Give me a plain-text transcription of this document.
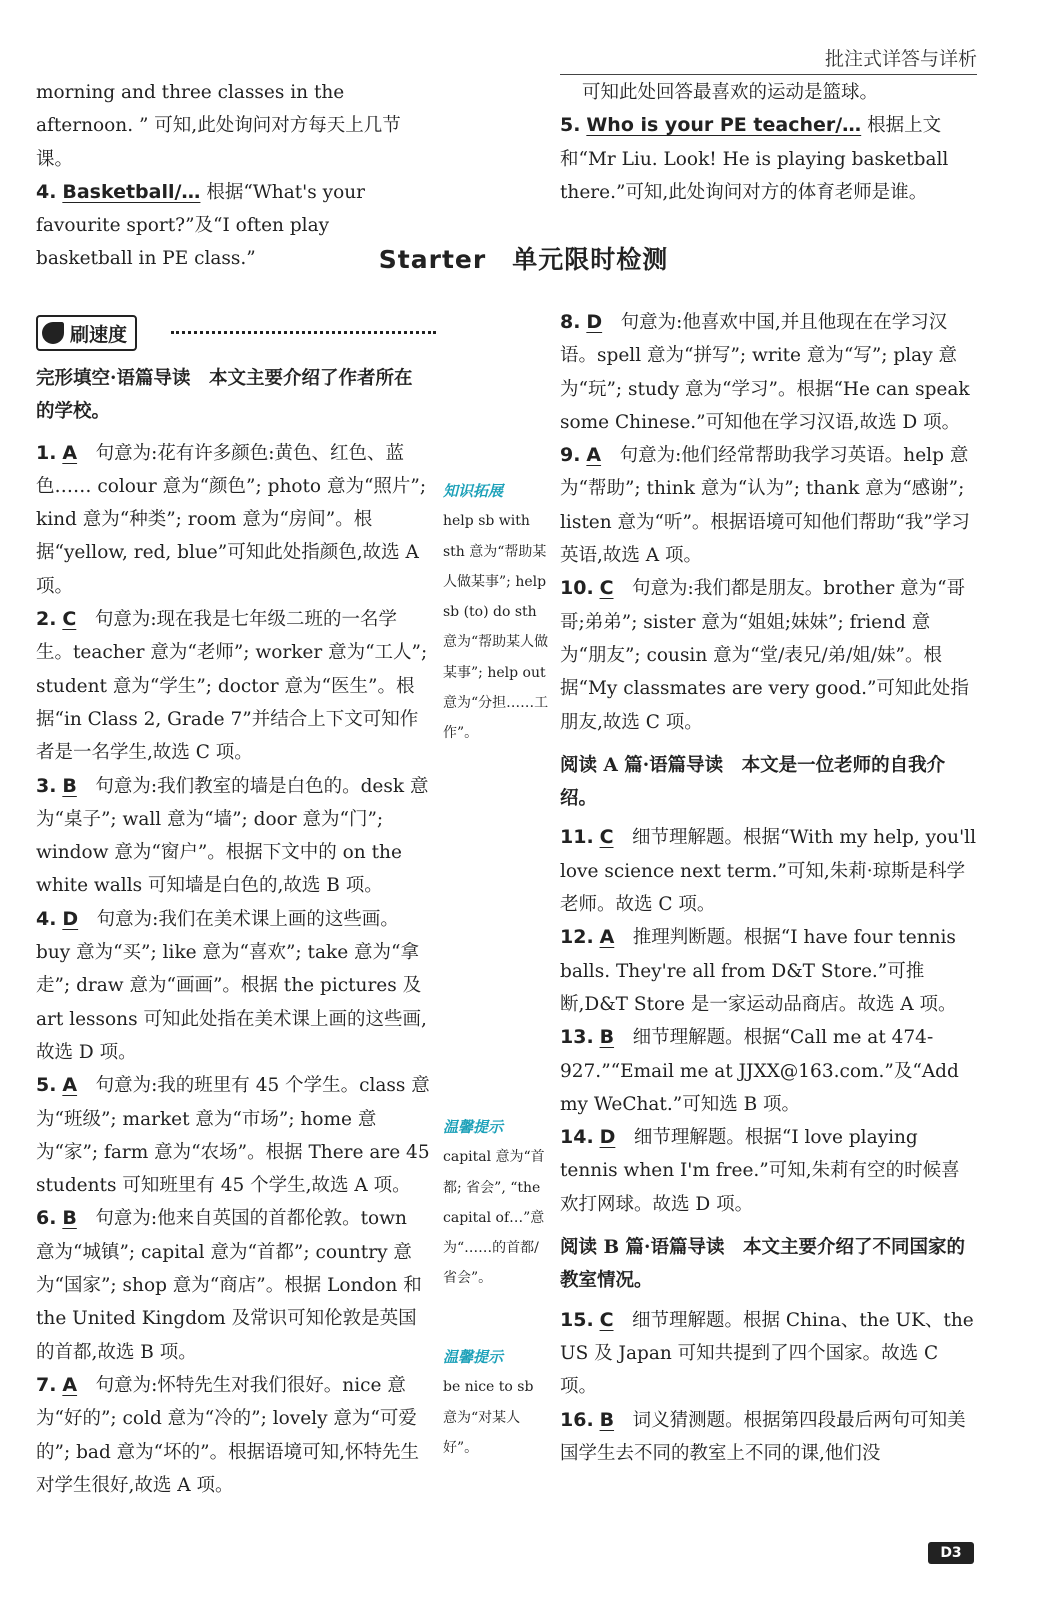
批注式详答与详析

morning and three classes in the afternoon. ” 可知,此处询问对方每天上几节课。

4. Basketball/… 根据“What's your favourite sport?”及“I often play basketball in PE class.”

可知此处回答最喜欢的运动是篮球。

5. Who is your PE teacher/… 根据上文和“Mr Liu. Look! He is playing basketball there.”可知,此处询问对方的体育老师是谁。

Starter　单元限时检测
刷速度

完形填空·语篇导读　本文主要介绍了作者所在的学校。

1. A　 句意为:花有许多颜色:黄色、红色、蓝色…… colour 意为“颜色”; photo 意为“照片”; kind 意为“种类”; room 意为“房间”。根据“yellow, red, blue”可知此处指颜色,故选 A 项。

2. C　 句意为:现在我是七年级二班的一名学生。teacher 意为“老师”; worker 意为“工人”; student 意为“学生”; doctor 意为“医生”。根据“in Class 2, Grade 7”并结合上下文可知作者是一名学生,故选 C 项。

3. B　 句意为:我们教室的墙是白色的。desk 意为“桌子”; wall 意为“墙”; door 意为“门”; window 意为“窗户”。根据下文中的 on the white walls 可知墙是白色的,故选 B 项。

4. D　 句意为:我们在美术课上画的这些画。buy 意为“买”; like 意为“喜欢”; take 意为“拿走”; draw 意为“画画”。根据 the pictures 及 art lessons 可知此处指在美术课上画的这些画,故选 D 项。

5. A　 句意为:我的班里有 45 个学生。class 意为“班级”; market 意为“市场”; home 意为“家”; farm 意为“农场”。根据 There are 45 students 可知班里有 45 个学生,故选 A 项。

6. B　 句意为:他来自英国的首都伦敦。town 意为“城镇”; capital 意为“首都”; country 意为“国家”; shop 意为“商店”。根据 London 和 the United Kingdom 及常识可知伦敦是英国的首都,故选 B 项。

7. A　 句意为:怀特先生对我们很好。nice 意为“好的”; cold 意为“冷的”; lovely 意为“可爱的”; bad 意为“坏的”。根据语境可知,怀特先生对学生很好,故选 A 项。

知识拓展
help sb with sth 意为“帮助某人做某事”; help sb (to) do sth 意为“帮助某人做某事”; help out 意为“分担……工作”。
温馨提示
capital 意为“首都; 省会”, “the capital of…”意为“……的首都/省会”。
温馨提示
be nice to sb 意为“对某人好”。

8. D　 句意为:他喜欢中国,并且他现在在学习汉语。spell 意为“拼写”; write 意为“写”; play 意为“玩”; study 意为“学习”。根据“He can speak some Chinese.”可知他在学习汉语,故选 D 项。

9. A　 句意为:他们经常帮助我学习英语。help 意为“帮助”; think 意为“认为”; thank 意为“感谢”; listen 意为“听”。根据语境可知他们帮助“我”学习英语,故选 A 项。

10. C　 句意为:我们都是朋友。brother 意为“哥哥;弟弟”; sister 意为“姐姐;妹妹”; friend 意为“朋友”; cousin 意为“堂/表兄/弟/姐/妹”。根据“My classmates are very good.”可知此处指朋友,故选 C 项。

阅读 A 篇·语篇导读　本文是一位老师的自我介绍。

11. C　 细节理解题。根据“With my help, you'll love science next term.”可知,朱莉·琼斯是科学老师。故选 C 项。

12. A　 推理判断题。根据“I have four tennis balls. They're all from D&T Store.”可推断,D&T Store 是一家运动品商店。故选 A 项。

13. B　 细节理解题。根据“Call me at 474-927.”“Email me at JJXX@163.com.”及“Add my WeChat.”可知选 B 项。

14. D　 细节理解题。根据“I love playing tennis when I'm free.”可知,朱莉有空的时候喜欢打网球。故选 D 项。

阅读 B 篇·语篇导读　本文主要介绍了不同国家的教室情况。

15. C　 细节理解题。根据 China、the UK、the US 及 Japan 可知共提到了四个国家。故选 C 项。

16. B　 词义猜测题。根据第四段最后两句可知美国学生去不同的教室上不同的课,他们没

D3
